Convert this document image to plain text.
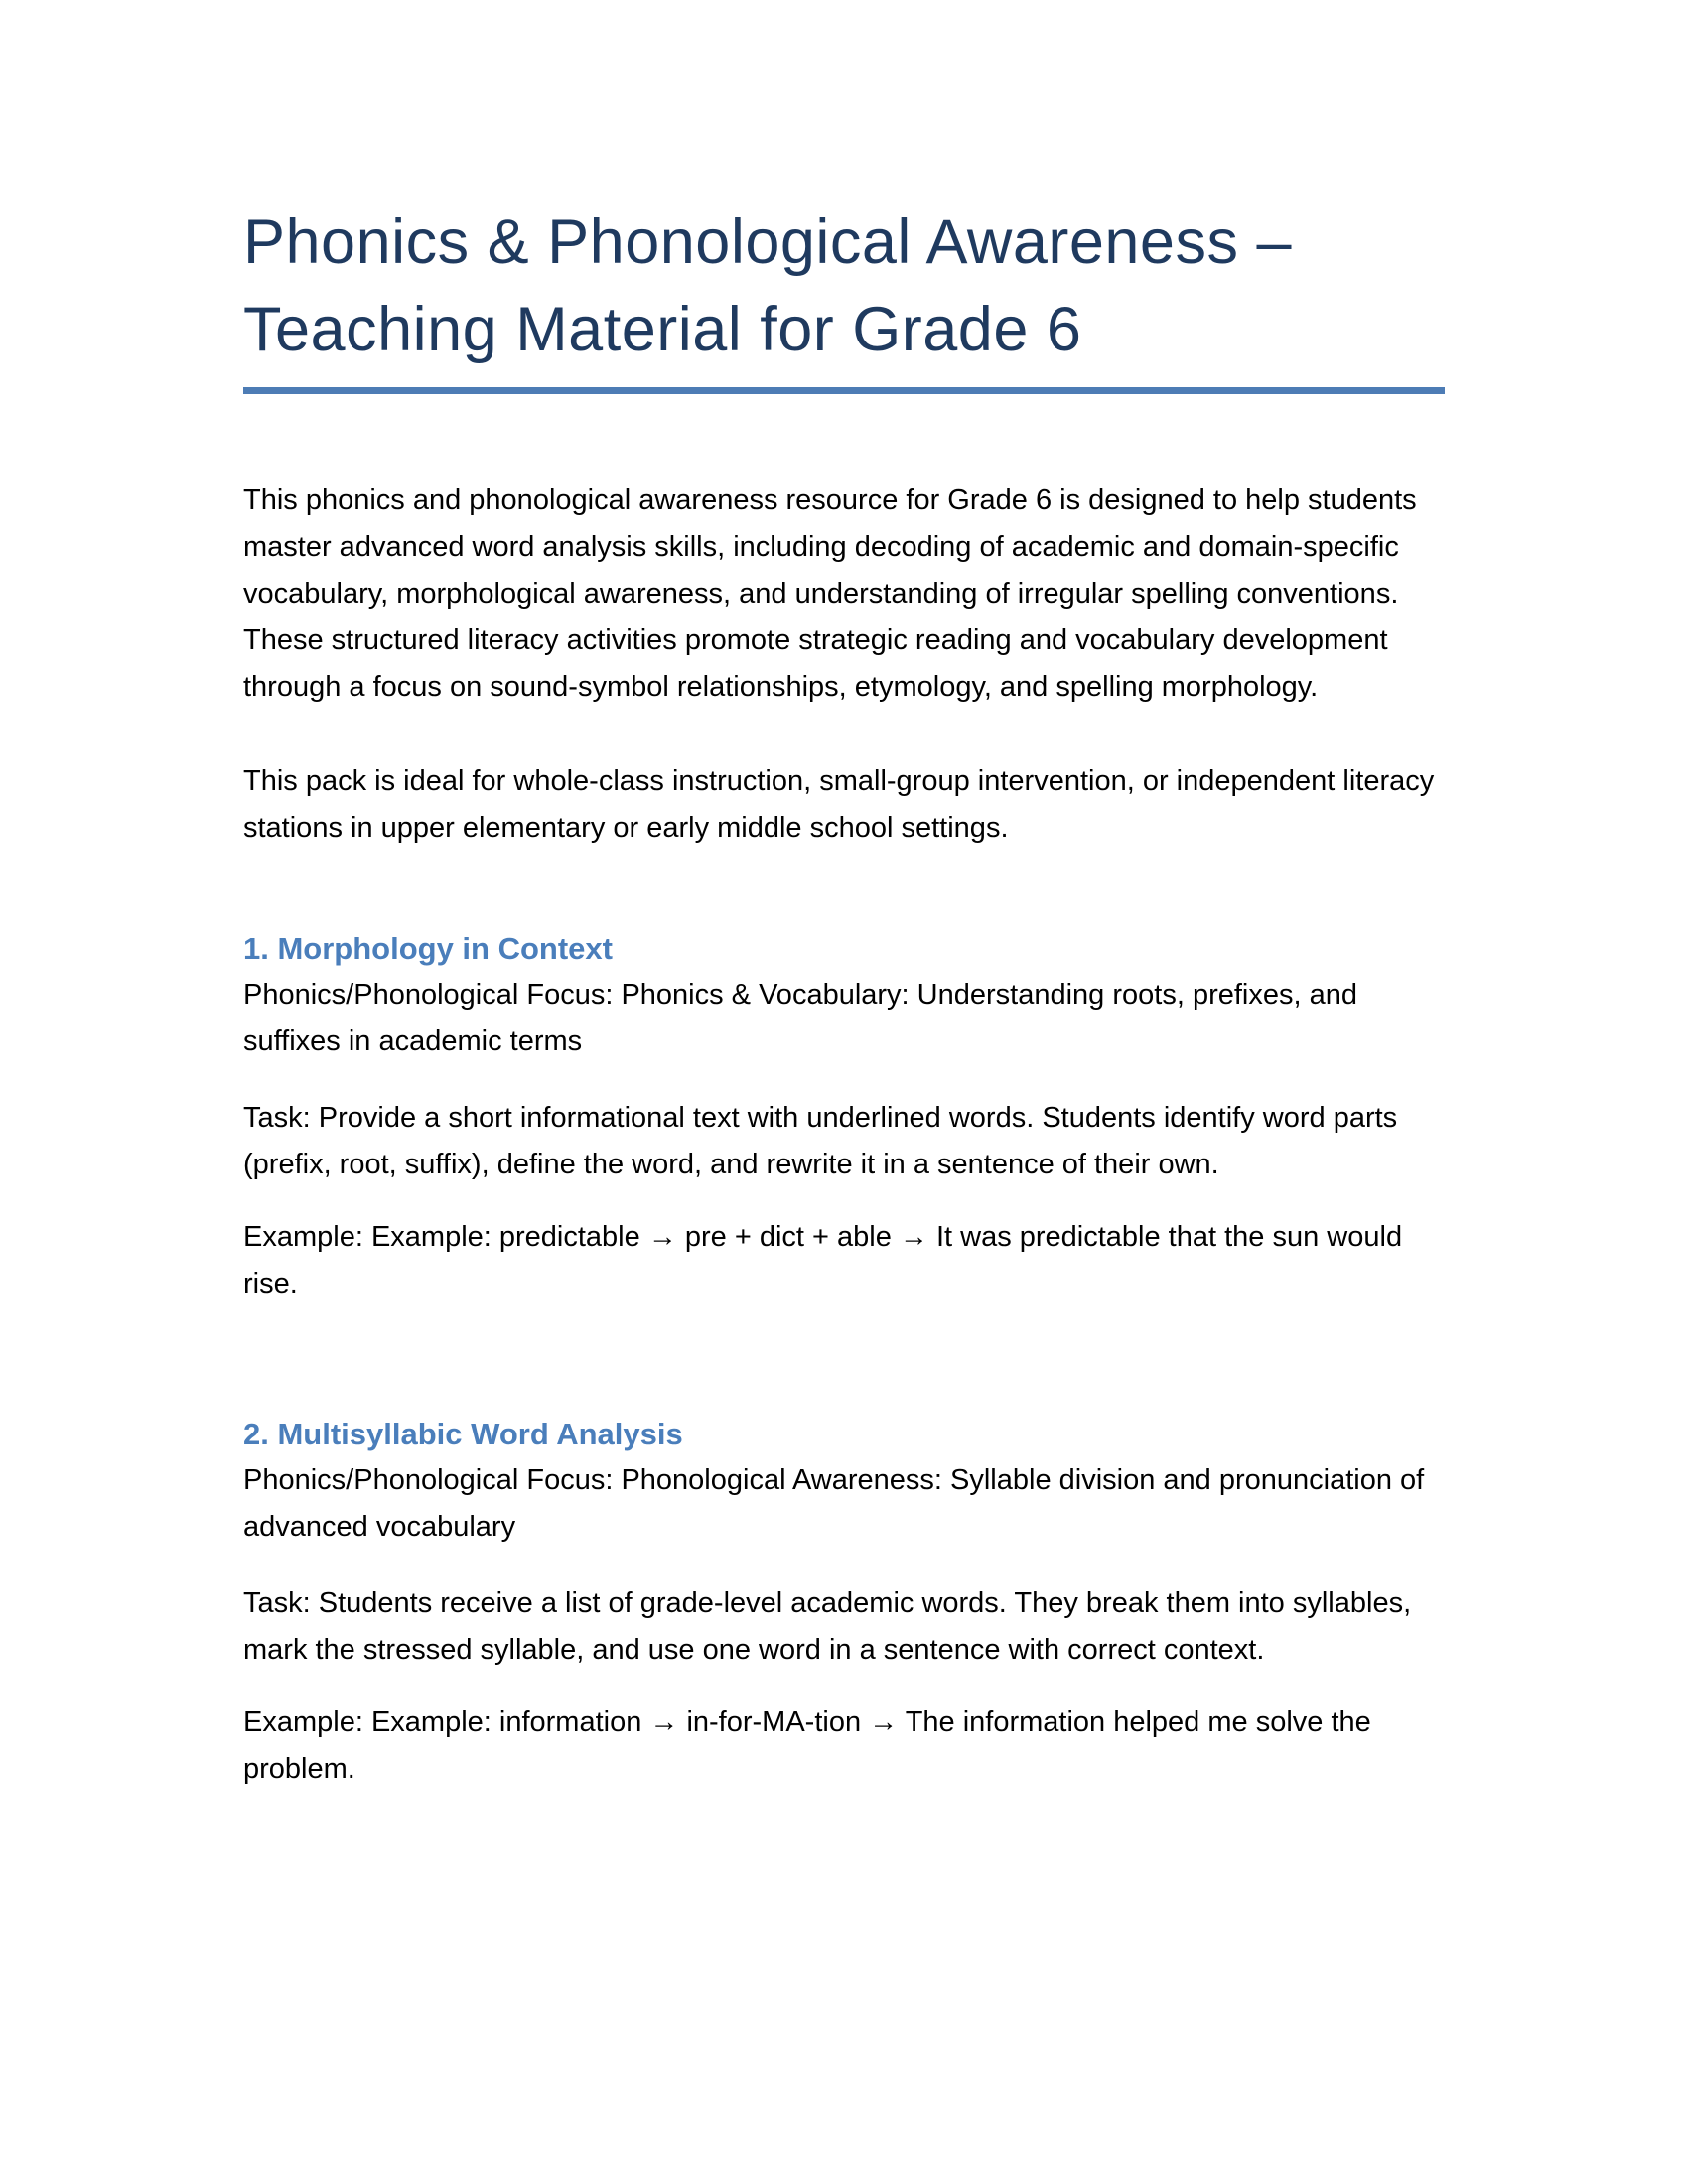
Phonics & Phonological Awareness –
Teaching Material for Grade 6

This phonics and phonological awareness resource for Grade 6 is designed to help students master advanced word analysis skills, including decoding of academic and domain-specific vocabulary, morphological awareness, and understanding of irregular spelling conventions. These structured literacy activities promote strategic reading and vocabulary development through a focus on sound-symbol relationships, etymology, and spelling morphology.

This pack is ideal for whole-class instruction, small-group intervention, or independent literacy stations in upper elementary or early middle school settings.

1. Morphology in Context

Phonics/Phonological Focus: Phonics & Vocabulary: Understanding roots, prefixes, and suffixes in academic terms

Task: Provide a short informational text with underlined words. Students identify word parts (prefix, root, suffix), define the word, and rewrite it in a sentence of their own.

Example: Example: predictable → pre + dict + able → It was predictable that the sun would rise.

2. Multisyllabic Word Analysis

Phonics/Phonological Focus: Phonological Awareness: Syllable division and pronunciation of advanced vocabulary

Task: Students receive a list of grade-level academic words. They break them into syllables, mark the stressed syllable, and use one word in a sentence with correct context.

Example: Example: information → in-for-MA-tion → The information helped me solve the problem.
